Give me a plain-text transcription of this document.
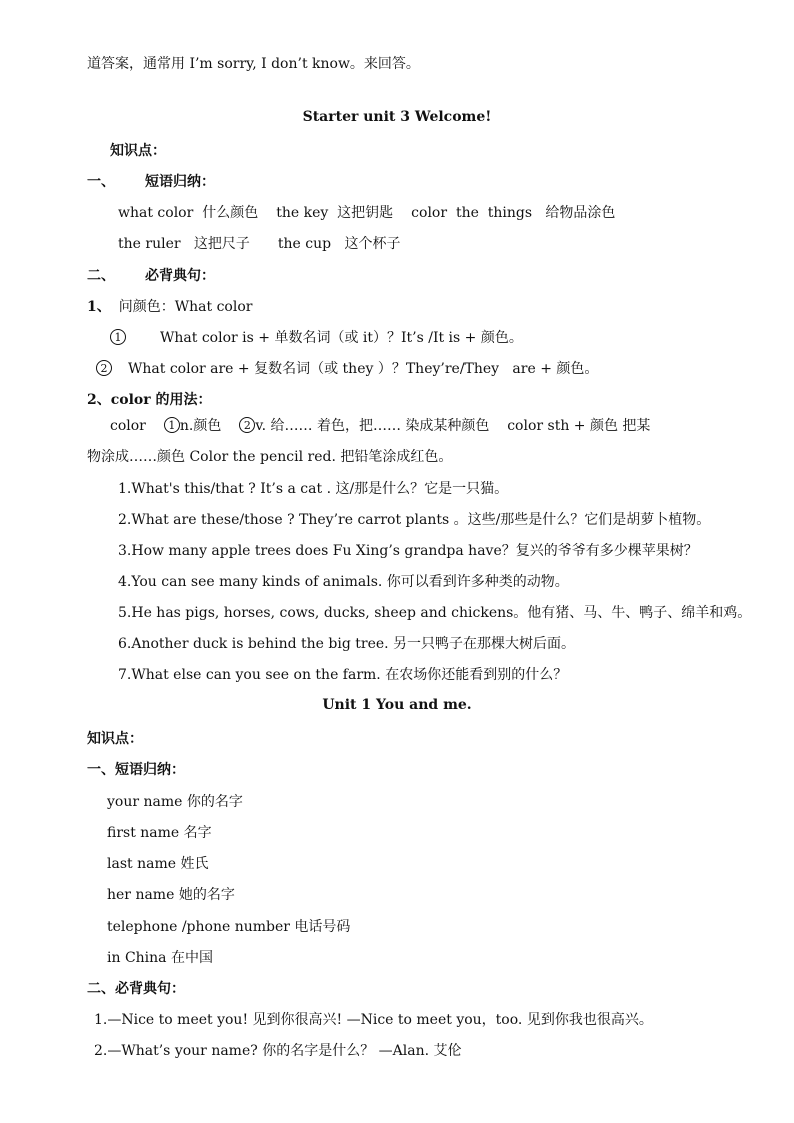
道答案，通常用 I’m sorry, I don’t know。来回答。
Starter unit 3 Welcome!
知识点：
一、 短语归纳：
what color  什么颜色 the key  这把钥匙 color  the  things   给物品涂色
the ruler   这把尺子 the cup   这个杯子
二、 必背典句：
1、 问颜色：What color
1	What color is + 单数名词（或 it）？It’s /It is + 颜色。
2 What color are + 复数名词（或 they ）？They’re/They   are + 颜色。
2、color 的用法：
color 1 n.颜色 2 v. 给…… 着色，把…… 染成某种颜色    color sth + 颜色 把某
物涂成……颜色 Color the pencil red. 把铅笔涂成红色。
1.What's this/that ? It’s a cat . 这/那是什么？它是一只猫。
2.What are these/those ? They’re carrot plants 。这些/那些是什么？它们是胡萝卜植物。
3.How many apple trees does Fu Xing’s grandpa have？复兴的爷爷有多少棵苹果树？
4.You can see many kinds of animals. 你可以看到许多种类的动物。
5.He has pigs, horses, cows, ducks, sheep and chickens。他有猪、马、牛、鸭子、绵羊和鸡。
6.Another duck is behind the big tree. 另一只鸭子在那棵大树后面。
7.What else can you see on the farm. 在农场你还能看到别的什么？
Unit 1 You and me.
知识点：
一、短语归纳：
your name 你的名字
first name 名字
last name 姓氏
her name 她的名字
telephone /phone number 电话号码
in China 在中国
二、必背典句：
1.—Nice to meet you! 见到你很高兴! —Nice to meet you，too. 见到你我也很高兴。
2.—What’s your name? 你的名字是什么？ —Alan. 艾伦
